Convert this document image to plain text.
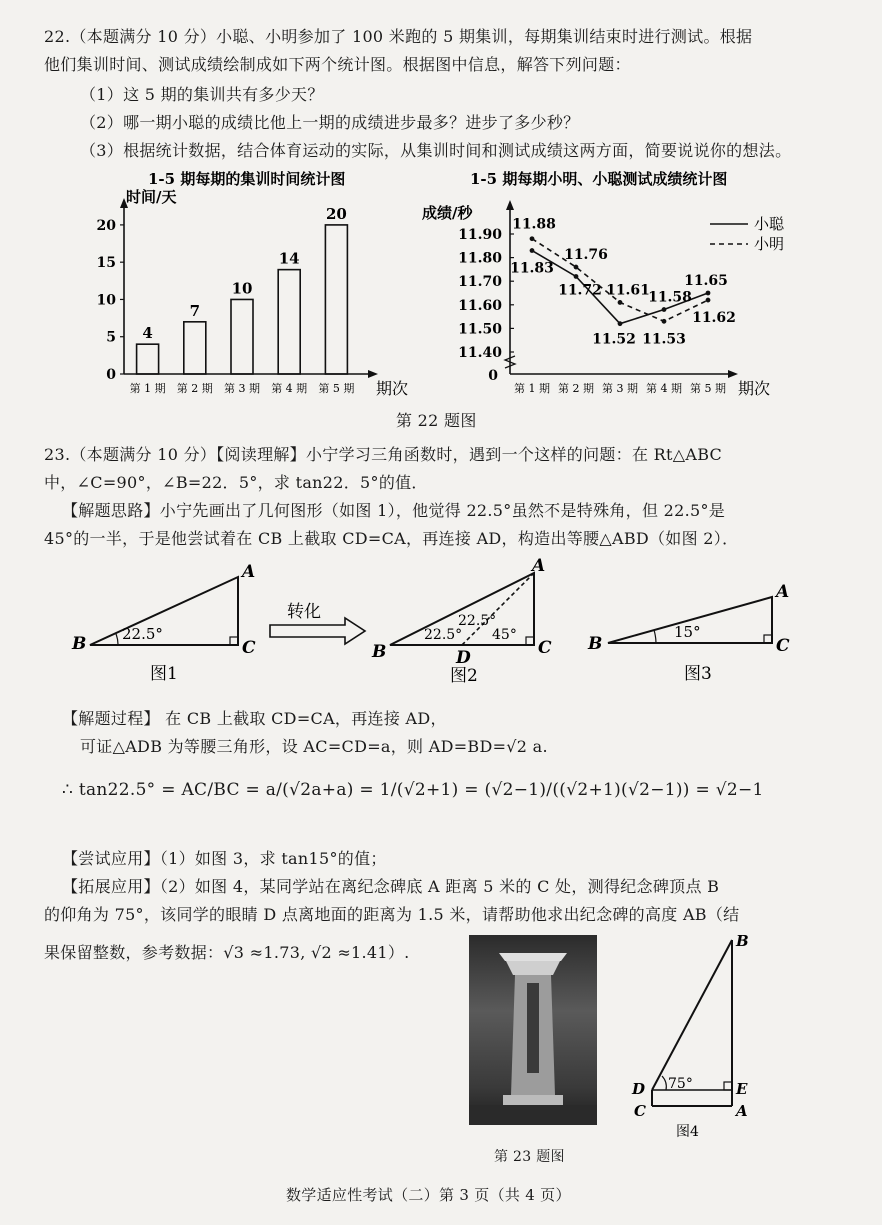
22.（本题满分 10 分）小聪、小明参加了 100 米跑的 5 期集训，每期集训结束时进行测试。根据
他们集训时间、测试成绩绘制成如下两个统计图。根据图中信息，解答下列问题：
（1）这 5 期的集训共有多少天？
（2）哪一期小聪的成绩比他上一期的成绩进步最多？进步了多少秒？
（3）根据统计数据，结合体育运动的实际，从集训时间和测试成绩这两方面，简要说说你的想法。
1-5 期每期的集训时间统计图
时间/天
期次
0
5
10
15
20
4
第 1 期
7
第 2 期
10
第 3 期
14
第 4 期
20
第 5 期
1-5 期每期小明、小聪测试成绩统计图
成绩/秒
期次
0
11.90
11.80
11.70
11.60
11.50
11.40
第 1 期 第 2 期 第 3 期 第 4 期 第 5 期
11.83
11.72
11.52
11.58
11.65
小聪
11.88
11.76
11.61
11.53
11.62
小明
第 22 题图
23.（本题满分 10 分）【阅读理解】小宁学习三角函数时，遇到一个这样的问题：在 Rt△ABC
中，∠C=90°，∠B=22．5°，求 tan22．5°的值．
【解题思路】小宁先画出了几何图形（如图 1），他觉得 22.5°虽然不是特殊角，但 22.5°是
45°的一半，于是他尝试着在 CB 上截取 CD=CA，再连接 AD，构造出等腰△ABD（如图 2）．
22.5°
B
A
C
图1
转化
22.5°
22.5°
45°
B
A
C
D
图2
15°
B
A
C
图3
【解题过程】 在 CB 上截取 CD=CA，再连接 AD，
可证△ADB 为等腰三角形，设 AC=CD=a，则 AD=BD=√2 a.
∴ tan22.5° = AC/BC = a/(√2a+a) = 1/(√2+1) = (√2−1)/((√2+1)(√2−1)) = √2−1
【尝试应用】（1）如图 3，求 tan15°的值；
【拓展应用】（2）如图 4，某同学站在离纪念碑底 A 距离 5 米的 C 处，测得纪念碑顶点 B
的仰角为 75°，该同学的眼睛 D 点离地面的距离为 1.5 米，请帮助他求出纪念碑的高度 AB（结
果保留整数，参考数据：√3 ≈1.73, √2 ≈1.41）.
第 23 题图
75°
B
D	E
C	A
图4
数学适应性考试（二）第 3 页（共 4 页）
